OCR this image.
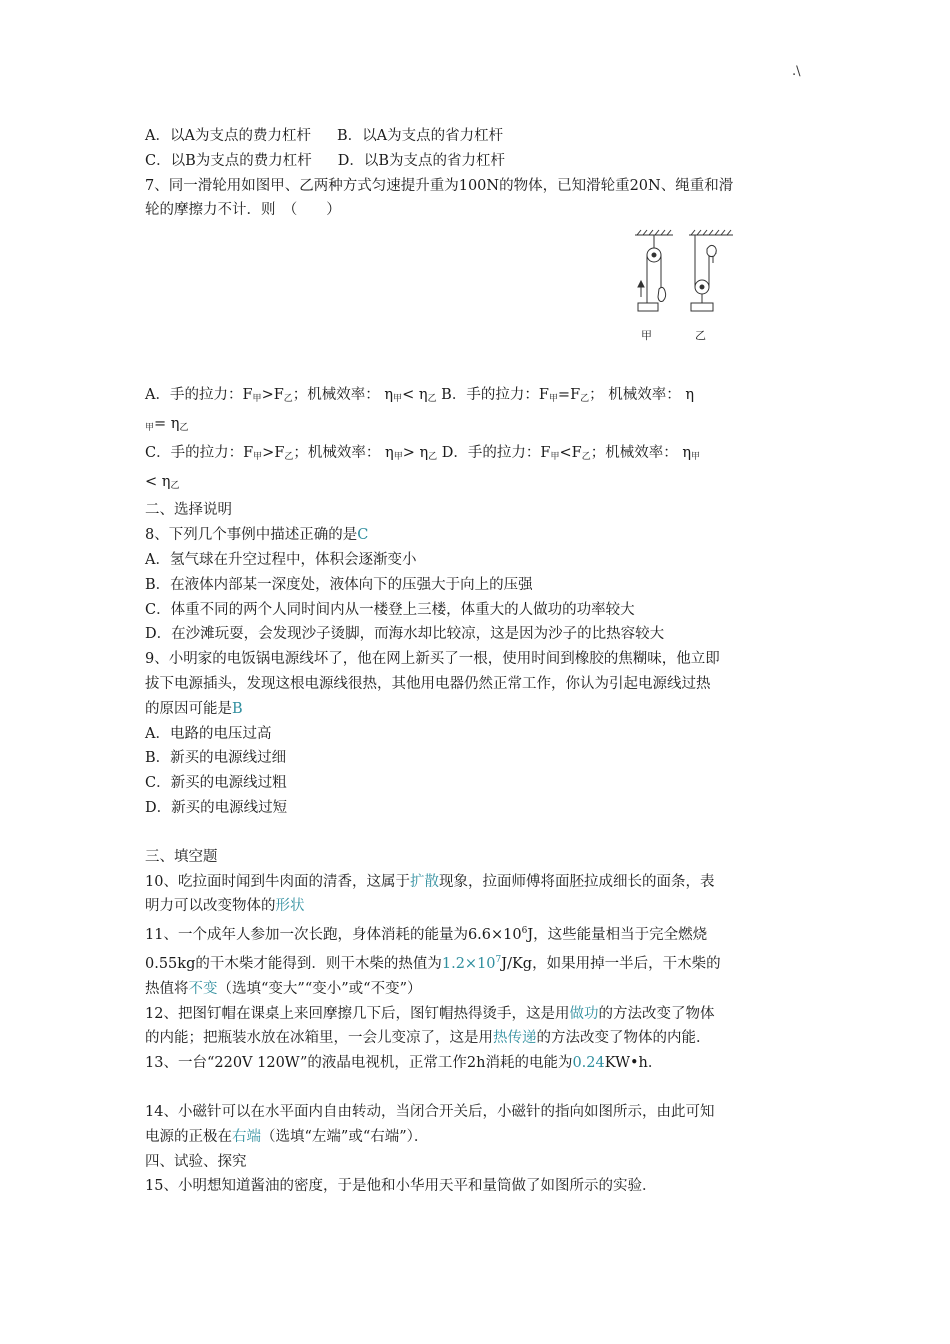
.\
A．以A为支点的费力杠杆 B．以A为支点的省力杠杆
C．以B为支点的费力杠杆 D．以B为支点的省力杠杆
7、同一滑轮用如图甲、乙两种方式匀速提升重为100N的物体，已知滑轮重20N、绳重和滑
轮的摩擦力不计．则　（　　）
甲	乙
A．手的拉力：$F_甲>F_乙$；机械效率： $\eta_甲< \eta_乙$ B．手的拉力：$F_甲=F_乙$； 机械效率： η
$_甲= \eta_乙$
C．手的拉力：$F_甲>F_乙$；机械效率： $\eta_甲> \eta_乙$ D．手的拉力：$F_甲<F_乙$；机械效率： $\eta_甲$
< $\eta_乙$
二、选择说明
8、下列几个事例中描述正确的是C
A．氢气球在升空过程中，体积会逐渐变小
B．在液体内部某一深度处，液体向下的压强大于向上的压强
C．体重不同的两个人同时间内从一楼登上三楼，体重大的人做功的功率较大
D．在沙滩玩耍，会发现沙子烫脚，而海水却比较凉，这是因为沙子的比热容较大
9、小明家的电饭锅电源线坏了，他在网上新买了一根，使用时间到橡胶的焦糊味，他立即
拔下电源插头，发现这根电源线很热，其他用电器仍然正常工作，你认为引起电源线过热
的原因可能是B
A．电路的电压过高
B．新买的电源线过细
C．新买的电源线过粗
D．新买的电源线过短
三、填空题
10、吃拉面时闻到牛肉面的清香，这属于扩散现象，拉面师傅将面胚拉成细长的面条，表
明力可以改变物体的形状
11、一个成年人参加一次长跑，身体消耗的能量为$6.6\times 10^6J$，这些能量相当于完全燃烧
0.55kg的干木柴才能得到．则干木柴的热值为$1.2\times 10^7J/Kg$，如果用掉一半后，干木柴的
热值将不变（选填“变大”“变小”或“不变”）
12、把图钉帽在课桌上来回摩擦几下后，图钉帽热得烫手，这是用做功的方法改变了物体
的内能；把瓶装水放在冰箱里，一会儿变凉了，这是用热传递的方法改变了物体的内能．
13、一台“220V 120W”的液晶电视机，正常工作2h消耗的电能为0.24KW•h．
14、小磁针可以在水平面内自由转动，当闭合开关后，小磁针的指向如图所示，由此可知
电源的正极在右端（选填“左端”或“右端”）．
四、试验、探究
15、小明想知道酱油的密度，于是他和小华用天平和量筒做了如图所示的实验．
